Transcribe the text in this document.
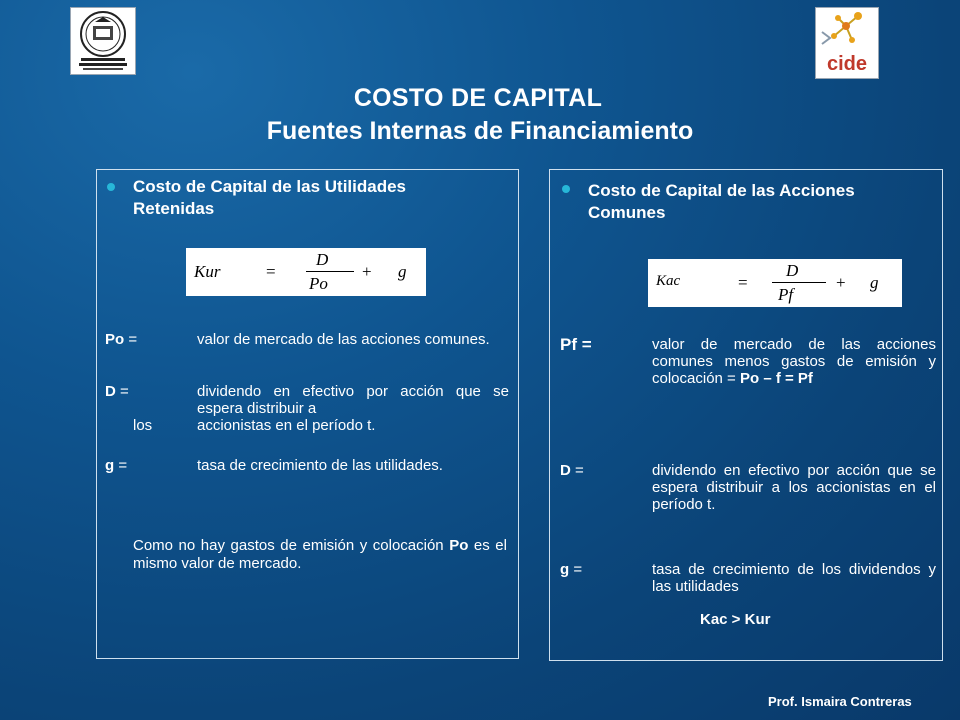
cide
COSTO DE CAPITAL
Fuentes Internas de Financiamiento
Costo de Capital de las Utilidades
Retenidas
Kur	=
D
Po
+ g
Po =	valor de mercado de las acciones comunes.
D =	dividendo en efectivo por acción que se espera distribuir a
los	accionistas en el período t.
g =	tasa de crecimiento de las utilidades.
Como no hay gastos de emisión y colocación Po es el mismo valor de mercado.
Costo de Capital de las Acciones
Comunes
Kac	=
D
Pf
+ g
Pf =	valor de mercado de las acciones comunes menos gastos de emisión y colocación = Po – f = Pf
D =	dividendo en efectivo por acción que se espera distribuir a los accionistas en el período t.
g =	tasa de crecimiento de los dividendos y las utilidades
Kac > Kur
Prof. Ismaira Contreras
